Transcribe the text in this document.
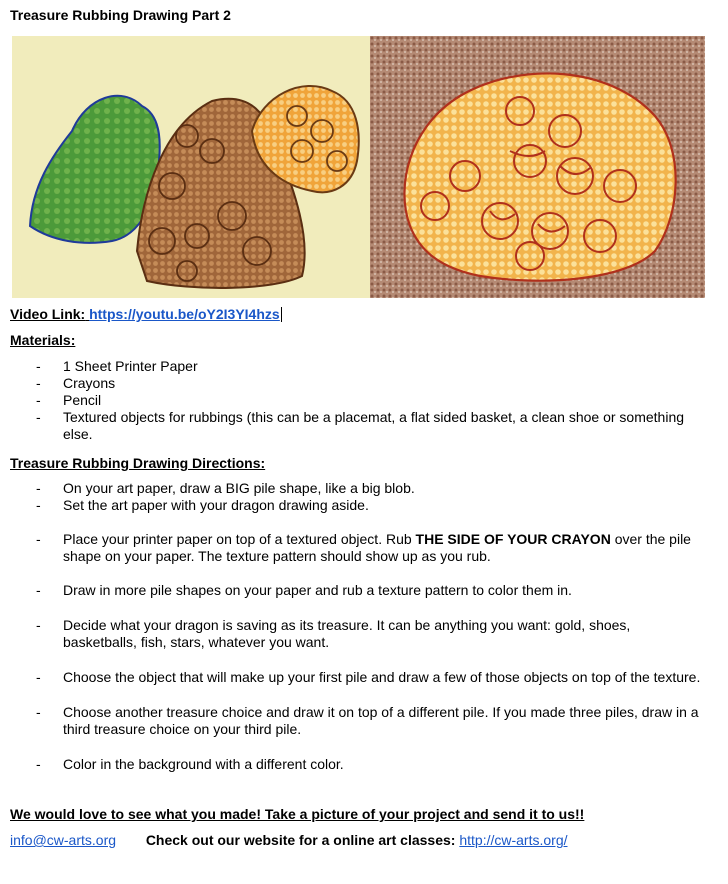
Treasure Rubbing Drawing Part 2
Video Link: https://youtu.be/oY2I3YI4hzs
Materials:
- 1 Sheet Printer Paper
- Crayons
- Pencil
- Textured objects for rubbings (this can be a placemat, a flat sided basket, a clean shoe or something else.
Treasure Rubbing Drawing Directions:
- On your art paper, draw a BIG pile shape, like a big blob.
- Set the art paper with your dragon drawing aside.
- Place your printer paper on top of a textured object. Rub THE SIDE OF YOUR CRAYON over the pile shape on your paper. The texture pattern should show up as you rub.
- Draw in more pile shapes on your paper and rub a texture pattern to color them in.
- Decide what your dragon is saving as its treasure. It can be anything you want: gold, shoes, basketballs, fish, stars, whatever you want.
- Choose the object that will make up your first pile and draw a few of those objects on top of the texture.
- Choose another treasure choice and draw it on top of a different pile. If you made three piles, draw in a third treasure choice on your third pile.
- Color in the background with a different color.
We would love to see what you made! Take a picture of your project and send it to us!!
info@cw-arts.org Check out our website for a online art classes: http://cw-arts.org/
